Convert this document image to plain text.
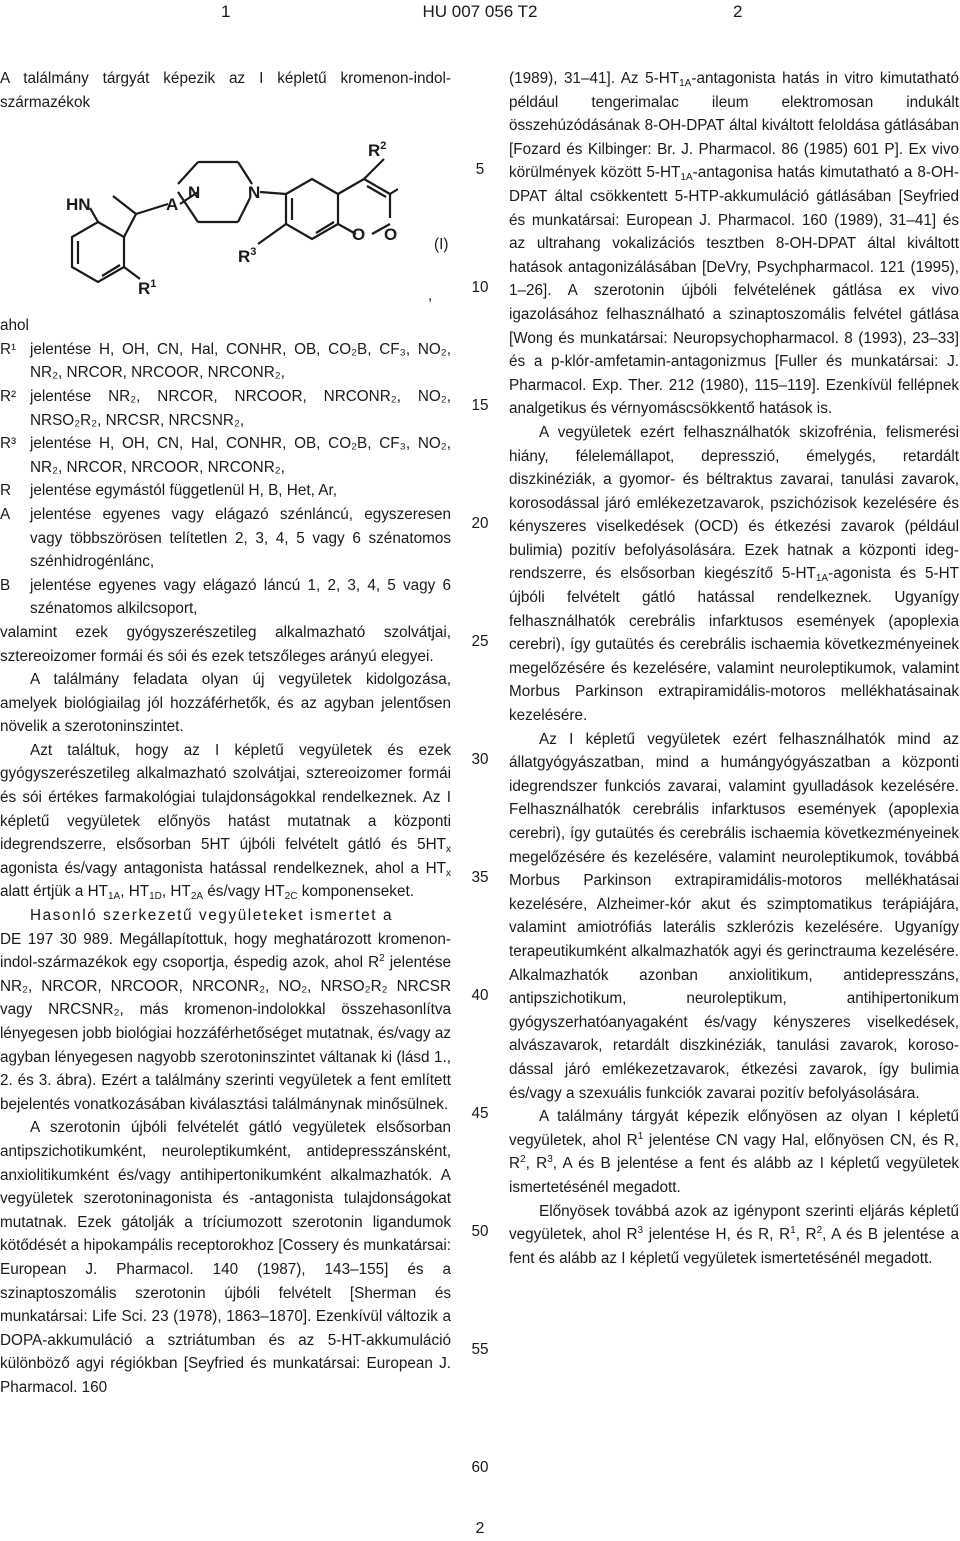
1	HU 007 056 T2	2

A találmány tárgyát képezik az I képletű kromenon-indol-származékok

HN	A
N	N
$R^2$
$R^3$
O O
$R^1$
(I)
,

ahol

R¹ jelentése H, OH, CN, Hal, CONHR, OB, CO₂B, CF₃, NO₂, NR₂, NRCOR, NRCOOR, NRCONR₂,
R² jelentése NR₂, NRCOR, NRCOOR, NRCONR₂, NO₂, NRSO₂R₂, NRCSR, NRCSNR₂,
R³ jelentése H, OH, CN, Hal, CONHR, OB, CO₂B, CF₃, NO₂, NR₂, NRCOR, NRCOOR, NRCONR₂,
R	jelentése egymástól függetlenül H, B, Het, Ar,
A	jelentése egyenes vagy elágazó szénláncú, egyszeresen vagy többszörösen telítetlen 2, 3, 4, 5 vagy 6 szénatomos szénhidrogénlánc,
B	jelentése egyenes vagy elágazó láncú 1, 2, 3, 4, 5 vagy 6 szénatomos alkilcsoport,

valamint ezek gyógyszerészetileg alkalmazható szolvátjai, sztereoizomer formái és sói és ezek tetszőleges arányú elegyei.

A találmány feladata olyan új vegyületek kidolgozása, amelyek biológiailag jól hozzáférhetők, és az agyban jelentősen növelik a szerotoninszintet.

Azt találtuk, hogy az I képletű vegyületek és ezek gyógyszerészetileg alkalmazható szolvátjai, sztereoizomer formái és sói értékes farmakológiai tulajdonságokkal rendelkeznek. Az I képletű vegyületek előnyös hatást mutatnak a központi idegrendszerre, elsősorban 5HT újbóli felvételt gátló és $5HT_x$ agonista és/vagy antagonista hatással rendelkeznek, ahol a $HT_x$ alatt értjük a $HT_{1A}$, $HT_{1D}$, $HT_{2A}$ és/vagy $HT_{2C}$ komponenseket.

Hasonló szerkezetű vegyületeket ismertet a

DE 197 30 989. Megállapítottuk, hogy meghatározott kromenon-indol-származékok egy csoportja, éspedig azok, ahol $R^2$ jelentése NR₂, NRCOR, NRCOOR, NRCONR₂, NO₂, NRSO₂R₂ NRCSR vagy NRCSNR₂, más kromenon-indolokkal összehasonlítva lényegesen jobb biológiai hozzáférhetőséget mutatnak, és/vagy az agyban lényegesen nagyobb szerotoninszintet váltanak ki (lásd 1., 2. és 3. ábra). Ezért a találmány szerinti vegyületek a fent említett bejelentés vonatkozásában kiválasztási találmánynak minősülnek.

A szerotonin újbóli felvételét gátló vegyületek elsősorban antipszichotikumként, neuroleptikumként, antidepresszánsként, anxiolitikumként és/vagy antihipertonikumként alkalmazhatók. A vegyületek szerotoninagonista és -antagonista tulajdonságokat mutatnak. Ezek gátolják a tríciumozott szerotonin ligandumok kötődését a hipokampális receptorokhoz [Cossery és munkatársai: European J. Pharmacol. 140 (1987), 143–155] és a szinaptoszomális szerotonin újbóli felvételt [Sherman és munkatársai: Life Sci. 23 (1978), 1863–1870]. Ezenkívül változik a DOPA-akkumuláció a sztriátumban és az 5-HT-akkumuláció különböző agyi régiókban [Seyfried és munkatársai: European J. Pharmacol. 160

5
10
15
20
25
30
35
40
45
50
55
60

(1989), 31–41]. Az $5-HT_{1A}$-antagonista hatás in vitro kimutatható például tengerimalac ileum elektromosan indukált összehúzódásának 8-OH-DPAT által kiváltott feloldása gátlásában [Fozard és Kilbinger: Br. J. Pharmacol. 86 (1985) 601 P]. Ex vivo körülmények között $5-HT_{1A}$-antagonisa hatás kimutatható a 8-OH-DPAT által csökkentett 5-HTP-akkumuláció gátlásában [Seyfried és munkatársai: European J. Pharmacol. 160 (1989), 31–41] és az ultrahang vokalizációs tesztben 8-OH-DPAT által kiváltott hatások antagonizálásában [DeVry, Psychpharmacol. 121 (1995), 1–26]. A szerotonin újbóli felvételének gátlása ex vivo igazolásához felhasználható a szinaptoszomális felvétel gátlása [Wong és munkatársai: Neuropsychopharmacol. 8 (1993), 23–33] és a p-klór-amfetamin-antagonizmus [Fuller és munkatársai: J. Pharmacol. Exp. Ther. 212 (1980), 115–119]. Ezenkívül fellépnek analgetikus és vérnyomáscsökkentő hatások is.

A vegyületek ezért felhasználhatók skizofrénia, felismerési hiány, félelemállapot, depresszió, émelygés, retardált diszkinéziák, a gyomor- és béltraktus zavarai, tanulási zavarok, korosodással járó emlékezetzavarok, pszichózisok kezelésére és kényszeres viselkedések (OCD) és étkezési zavarok (például bulimia) pozitív befolyásolására. Ezek hatnak a központi idegrendszerre, és elsősorban kiegészítő $5-HT_{1A}$-agonista és 5-HT újbóli felvételt gátló hatással rendelkeznek. Ugyanígy felhasználhatók cerebrális infarktusos események (apoplexia cerebri), így gutaütés és cerebrális ischaemia következményeinek megelőzésére és kezelésére, valamint neuroleptikumok, valamint Morbus Parkinson extrapiramidális-motoros mellékhatásainak kezelésére.

Az I képletű vegyületek ezért felhasználhatók mind az állatgyógyászatban, mind a humángyógyászatban a központi idegrendszer funkciós zavarai, valamint gyulladások kezelésére. Felhasználhatók cerebrális infarktusos események (apoplexia cerebri), így gutaütés és cerebrális ischaemia következményeinek megelőzésére és kezelésére, valamint neuroleptikumok, továbbá Morbus Parkinson extrapiramidális-motoros mellékhatásai kezelésére, Alzheimer-kór akut és szimptomatikus terápiájára, valamint amiotrófiás laterális szklerózis kezelésére. Ugyanígy terapeutikumként alkalmazhatók agyi és gerinctrauma kezelésére. Alkalmazhatók azonban anxiolitikum, antidepresszáns, antipszichotikum, neuroleptikum, antihipertonikum gyógyszerhatóanyagaként és/vagy kényszeres viselkedések, alvászavarok, retardált diszkinéziák, tanulási zavarok, korosodással járó emlékezetzavarok, étkezési zavarok, így bulimia és/vagy a szexuális funkciók zavarai pozitív befolyásolására.

A találmány tárgyát képezik előnyösen az olyan I képletű vegyületek, ahol $R^1$ jelentése CN vagy Hal, előnyösen CN, és R, $R^2$, $R^3$, A és B jelentése a fent és alább az I képletű vegyületek ismertetésénél megadott.

Előnyösek továbbá azok az igénypont szerinti eljárás képletű vegyületek, ahol $R^3$ jelentése H, és R, $R^1$, $R^2$, A és B jelentése a fent és alább az I képletű vegyületek ismertetésénél megadott.

2
